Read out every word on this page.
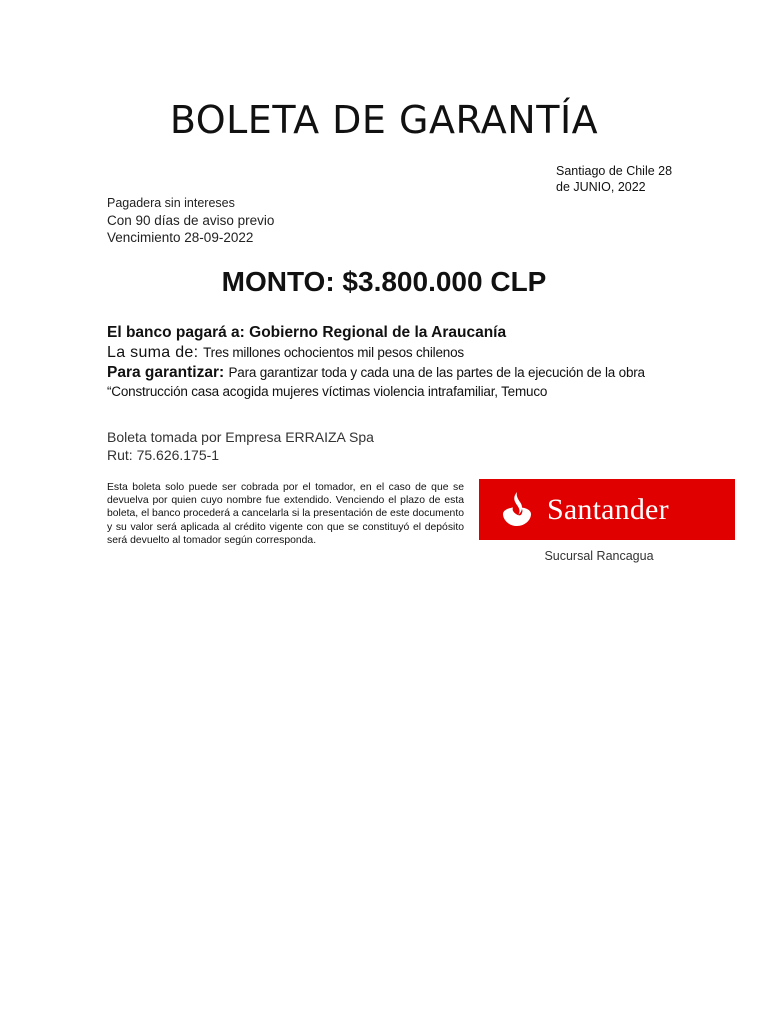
BOLETA DE GARANTÍA
Santiago de Chile 28
de JUNIO, 2022
Pagadera sin intereses
Con 90 días de aviso previo
Vencimiento 28-09-2022
MONTO: $3.800.000 CLP
El banco pagará a: Gobierno Regional de la Araucanía
La suma de: Tres millones ochocientos mil pesos chilenos
Para garantizar: Para garantizar toda y cada una de las partes de la ejecución de la obra
“Construcción casa acogida mujeres víctimas violencia intrafamiliar, Temuco
Boleta tomada por Empresa ERRAIZA Spa
Rut: 75.626.175-1
Esta boleta solo puede ser cobrada por el tomador, en el caso de que se devuelva por quien cuyo nombre fue extendido. Venciendo el plazo de esta boleta, el banco procederá a cancelarla si la presentación de este documento y su valor será aplicada al crédito vigente con que se constituyó el depósito será devuelto al tomador según corresponda.
Santander
Sucursal Rancagua
